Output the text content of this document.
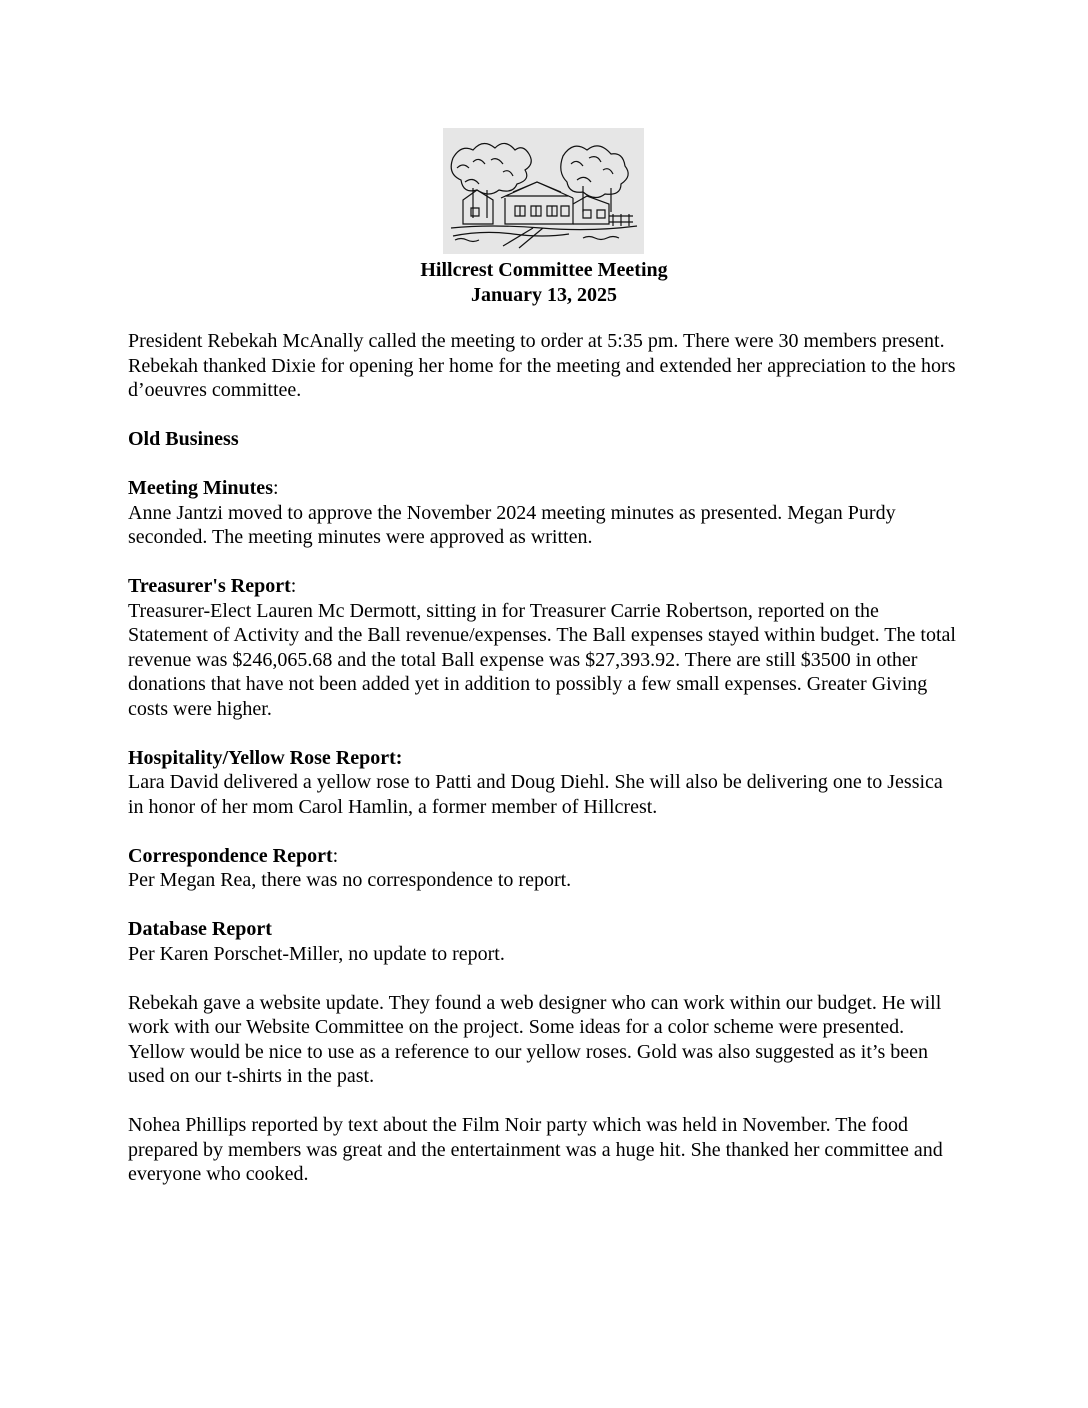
Hillcrest Committee Meeting
January 13, 2025

President Rebekah McAnally called the meeting to order at 5:35 pm. There were 30 members present. Rebekah thanked Dixie for opening her home for the meeting and extended her appreciation to the hors d’oeuvres committee.

Old Business

Meeting Minutes:
Anne Jantzi moved to approve the November 2024 meeting minutes as presented. Megan Purdy seconded. The meeting minutes were approved as written.
Treasurer's Report:
Treasurer-Elect Lauren Mc Dermott, sitting in for Treasurer Carrie Robertson, reported on the Statement of Activity and the Ball revenue/expenses. The Ball expenses stayed within budget. The total revenue was $246,065.68 and the total Ball expense was $27,393.92. There are still $3500 in other donations that have not been added yet in addition to possibly a few small expenses. Greater Giving costs were higher.
Hospitality/Yellow Rose Report:
Lara David delivered a yellow rose to Patti and Doug Diehl. She will also be delivering one to Jessica in honor of her mom Carol Hamlin, a former member of Hillcrest.
Correspondence Report:
Per Megan Rea, there was no correspondence to report.
Database Report
Per Karen Porschet-Miller, no update to report.

Rebekah gave a website update. They found a web designer who can work within our budget. He will work with our Website Committee on the project. Some ideas for a color scheme were presented. Yellow would be nice to use as a reference to our yellow roses. Gold was also suggested as it’s been used on our t-shirts in the past.

Nohea Phillips reported by text about the Film Noir party which was held in November. The food prepared by members was great and the entertainment was a huge hit. She thanked her committee and everyone who cooked.
